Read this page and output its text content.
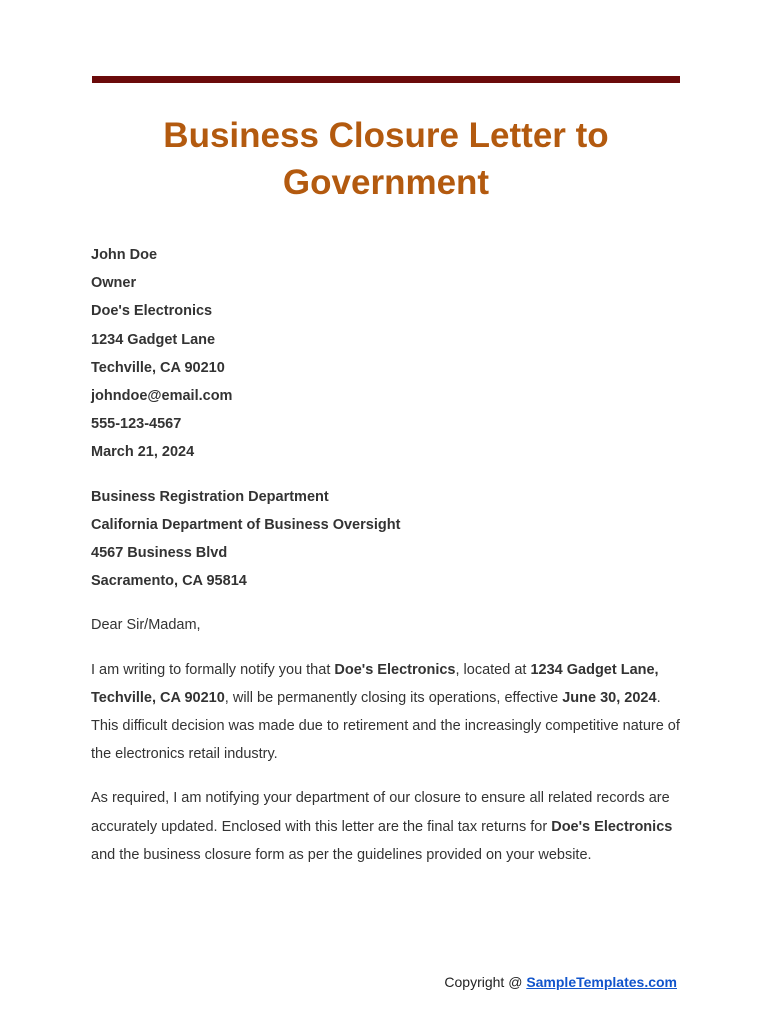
Business Closure Letter to Government
John Doe
Owner
Doe's Electronics
1234 Gadget Lane
Techville, CA 90210
johndoe@email.com
555-123-4567
March 21, 2024
Business Registration Department
California Department of Business Oversight
4567 Business Blvd
Sacramento, CA 95814

Dear Sir/Madam,

I am writing to formally notify you that Doe's Electronics, located at 1234 Gadget Lane, Techville, CA 90210, will be permanently closing its operations, effective June 30, 2024. This difficult decision was made due to retirement and the increasingly competitive nature of the electronics retail industry.

As required, I am notifying your department of our closure to ensure all related records are accurately updated. Enclosed with this letter are the final tax returns for Doe's Electronics and the business closure form as per the guidelines provided on your website.

Copyright @ SampleTemplates.com
